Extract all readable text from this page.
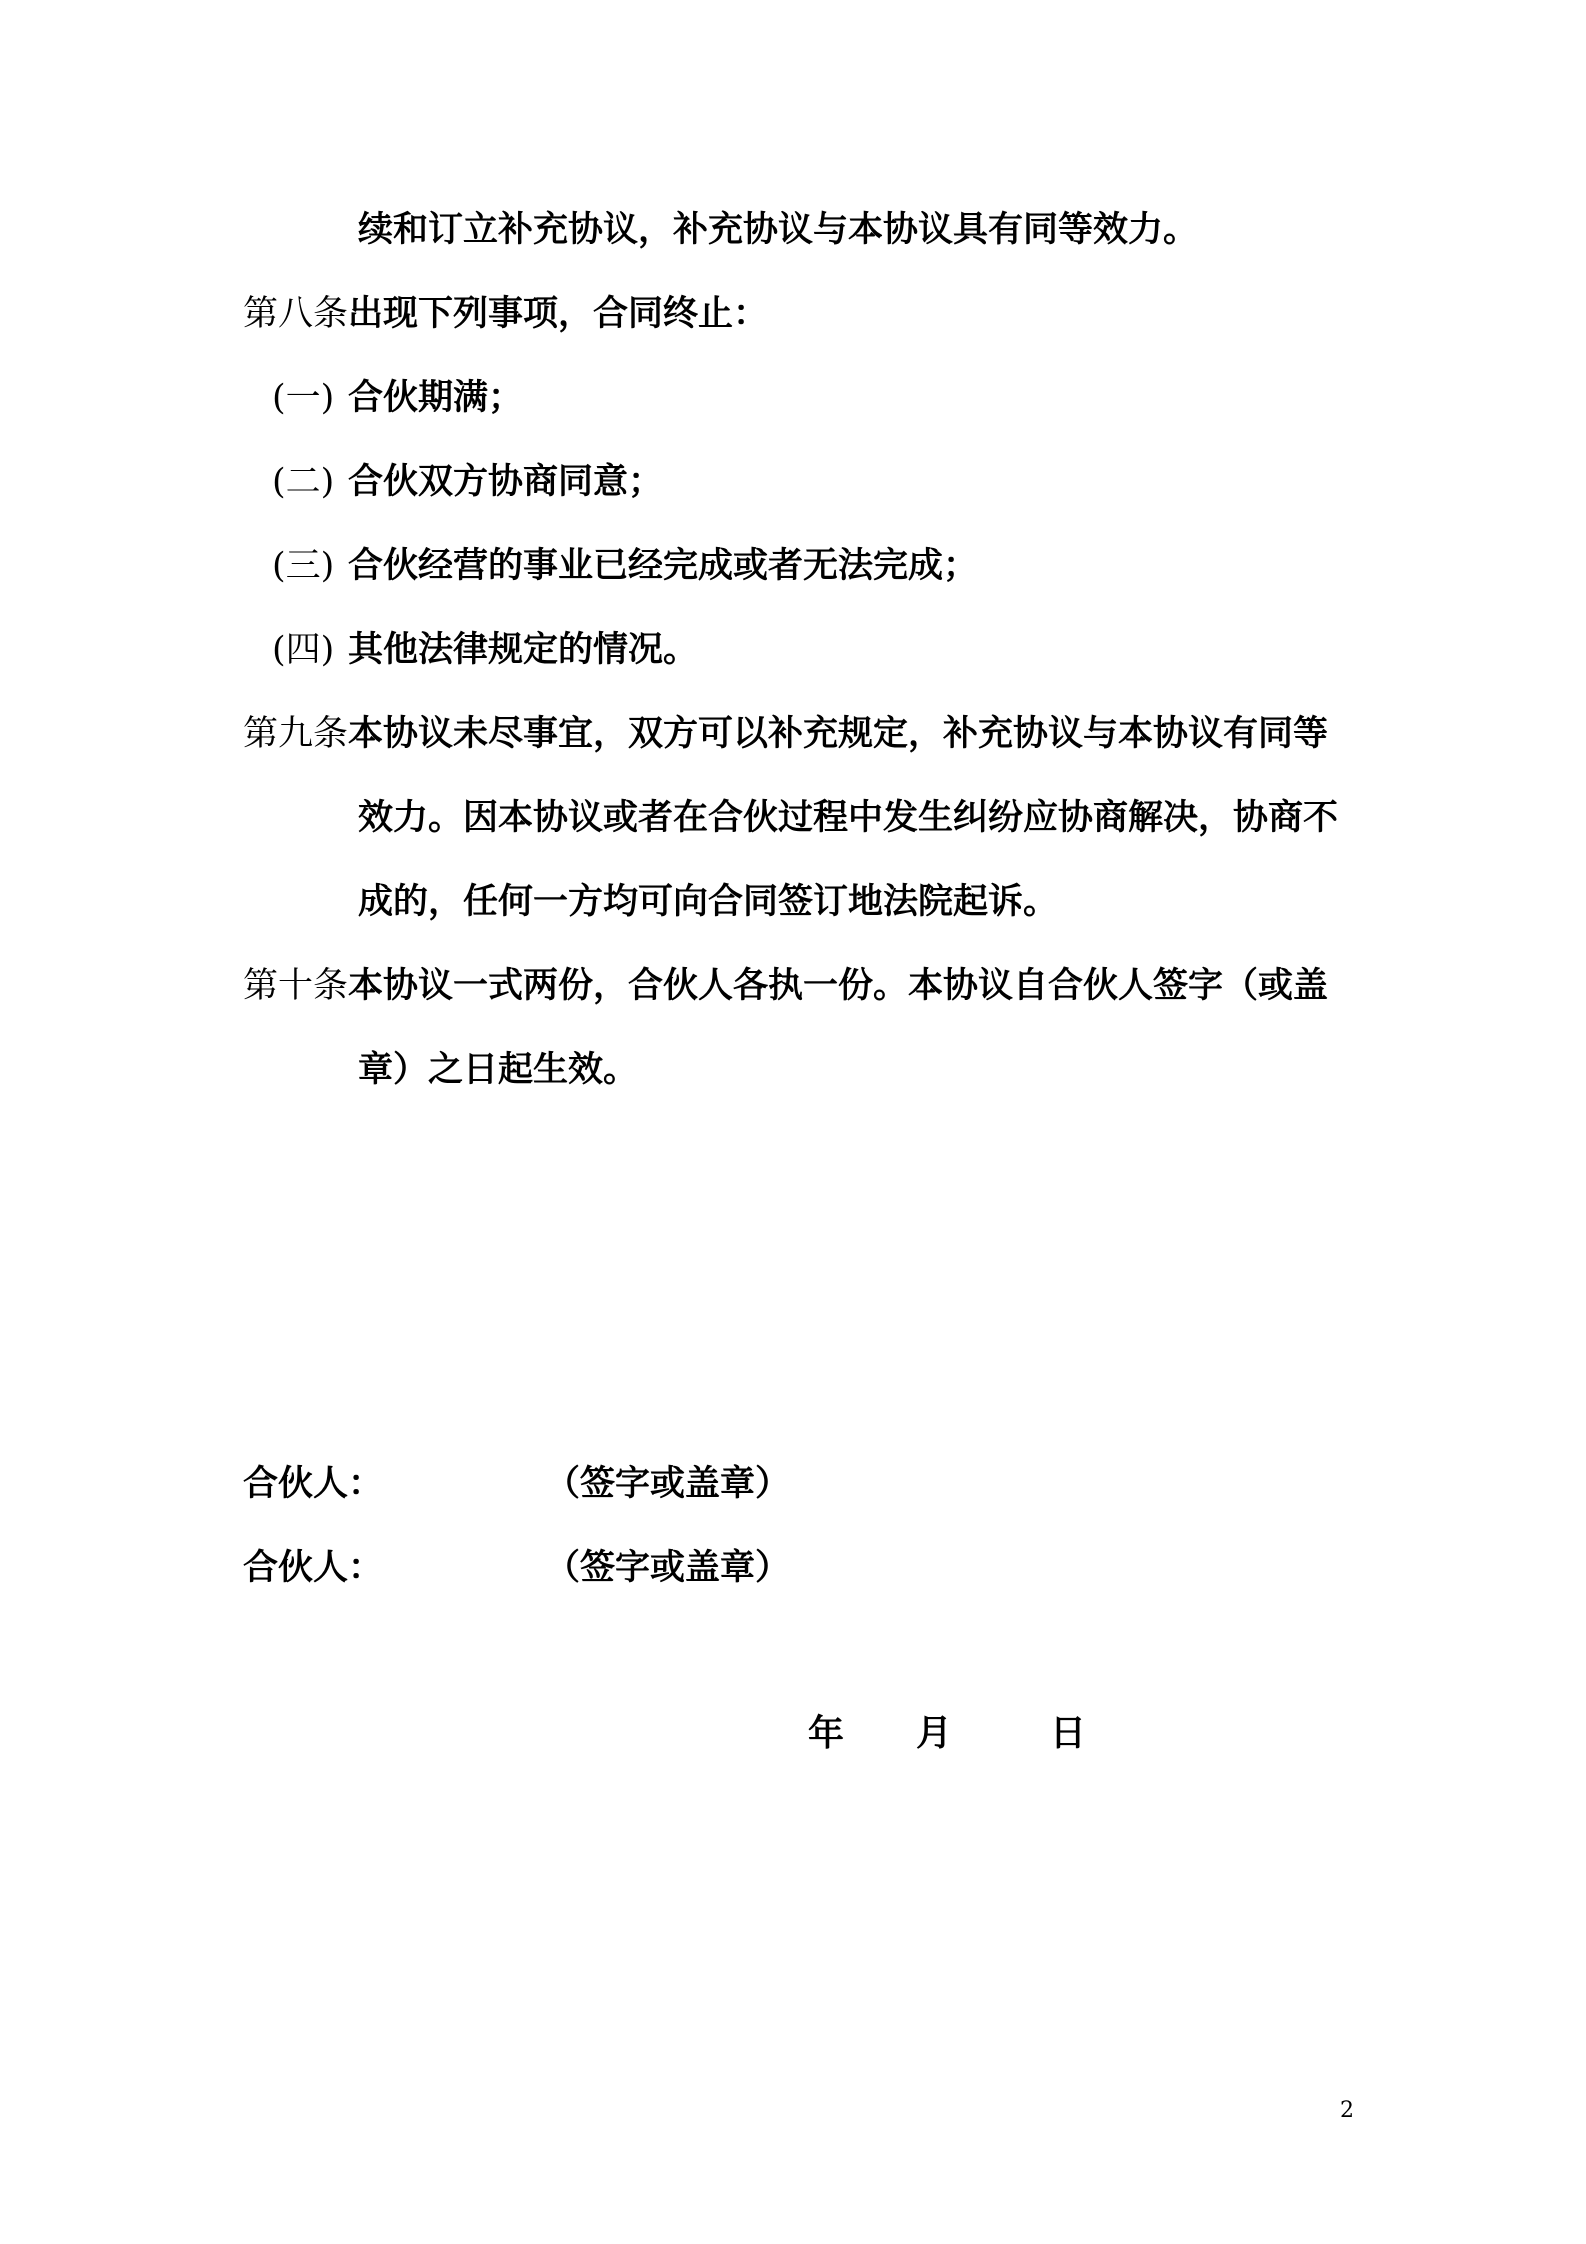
续和订立补充协议，补充协议与本协议具有同等效力。
第八条出现下列事项，合同终止：
(一) 合伙期满；
(二) 合伙双方协商同意；
(三) 合伙经营的事业已经完成或者无法完成；
(四) 其他法律规定的情况。
第九条本协议未尽事宜，双方可以补充规定，补充协议与本协议有同等
效力。因本协议或者在合伙过程中发生纠纷应协商解决，协商不
成的，任何一方均可向合同签订地法院起诉。
第十条本协议一式两份，合伙人各执一份。本协议自合伙人签字（或盖
章）之日起生效。
合伙人：	（签字或盖章）
合伙人：	（签字或盖章）
年 月	日
2
